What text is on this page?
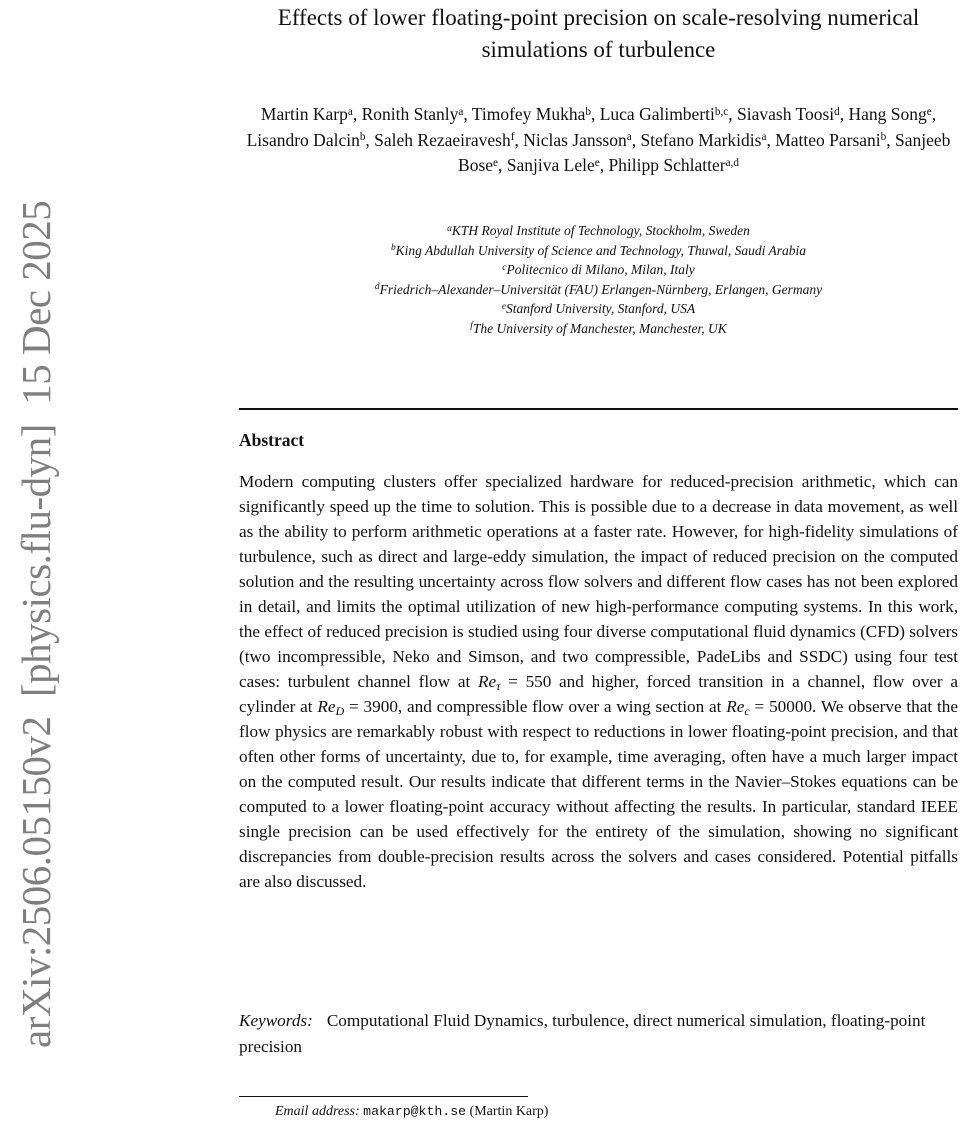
arXiv:2506.05150v2  [physics.flu-dyn]  15 Dec 2025
Effects of lower floating-point precision on scale-resolving numerical simulations of turbulence
Martin Karp$^a$, Ronith Stanly$^a$, Timofey Mukha$^b$, Luca Galimberti$^{b,c}$, Siavash Toosi$^d$, Hang Song$^e$, Lisandro Dalcin$^b$, Saleh Rezaeiravesh$^f$, Niclas Jansson$^a$, Stefano Markidis$^a$, Matteo Parsani$^b$, Sanjeeb Bose$^e$, Sanjiva Lele$^e$, Philipp Schlatter$^{a,d}$
$^a$KTH Royal Institute of Technology, Stockholm, Sweden
$^b$King Abdullah University of Science and Technology, Thuwal, Saudi Arabia
$^c$Politecnico di Milano, Milan, Italy
$^d$Friedrich–Alexander–Universität (FAU) Erlangen-Nürnberg, Erlangen, Germany
$^e$Stanford University, Stanford, USA
$^f$The University of Manchester, Manchester, UK
Abstract

Modern computing clusters offer specialized hardware for reduced-precision arithmetic, which can significantly speed up the time to solution. This is possible due to a decrease in data movement, as well as the ability to perform arithmetic operations at a faster rate. However, for high-fidelity simulations of turbulence, such as direct and large-eddy simulation, the impact of reduced precision on the computed solution and the resulting uncertainty across flow solvers and different flow cases has not been explored in detail, and limits the optimal utilization of new high-performance computing systems. In this work, the effect of reduced precision is studied using four diverse computational fluid dynamics (CFD) solvers (two incompressible, Neko and Simson, and two compressible, PadeLibs and SSDC) using four test cases: turbulent channel flow at $Re_\tau = 550$ and higher, forced transition in a channel, flow over a cylinder at $Re_D = 3900$, and compressible flow over a wing section at $Re_c = 50000$. We observe that the flow physics are remarkably robust with respect to reductions in lower floating-point precision, and that often other forms of uncertainty, due to, for example, time averaging, often have a much larger impact on the computed result. Our results indicate that different terms in the Navier–Stokes equations can be computed to a lower floating-point accuracy without affecting the results. In particular, standard IEEE single precision can be used effectively for the entirety of the simulation, showing no significant discrepancies from double-precision results across the solvers and cases considered. Potential pitfalls are also discussed.

Keywords: Computational Fluid Dynamics, turbulence, direct numerical simulation, floating-point precision

Email address: makarp@kth.se (Martin Karp)
